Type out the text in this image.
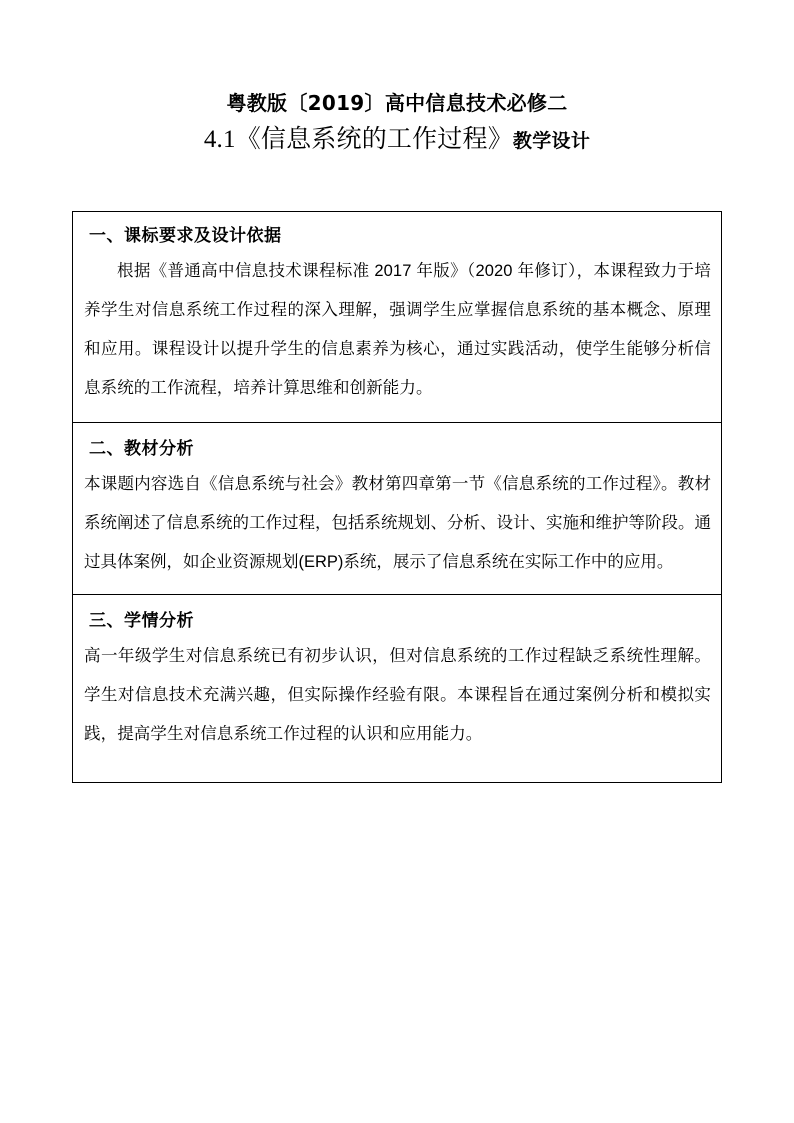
粤教版〔2019〕高中信息技术必修二
4.1《信息系统的工作过程》教学设计
一、课标要求及设计依据

根据《普通高中信息技术课程标准 2017 年版》（2020 年修订），本课程致力于培养学生对信息系统工作过程的深入理解，强调学生应掌握信息系统的基本概念、原理和应用。课程设计以提升学生的信息素养为核心，通过实践活动，使学生能够分析信息系统的工作流程，培养计算思维和创新能力。

二、教材分析

本课题内容选自《信息系统与社会》教材第四章第一节《信息系统的工作过程》。教材系统阐述了信息系统的工作过程，包括系统规划、分析、设计、实施和维护等阶段。通过具体案例，如企业资源规划(ERP)系统，展示了信息系统在实际工作中的应用。

三、学情分析

高一年级学生对信息系统已有初步认识，但对信息系统的工作过程缺乏系统性理解。学生对信息技术充满兴趣，但实际操作经验有限。本课程旨在通过案例分析和模拟实践，提高学生对信息系统工作过程的认识和应用能力。
